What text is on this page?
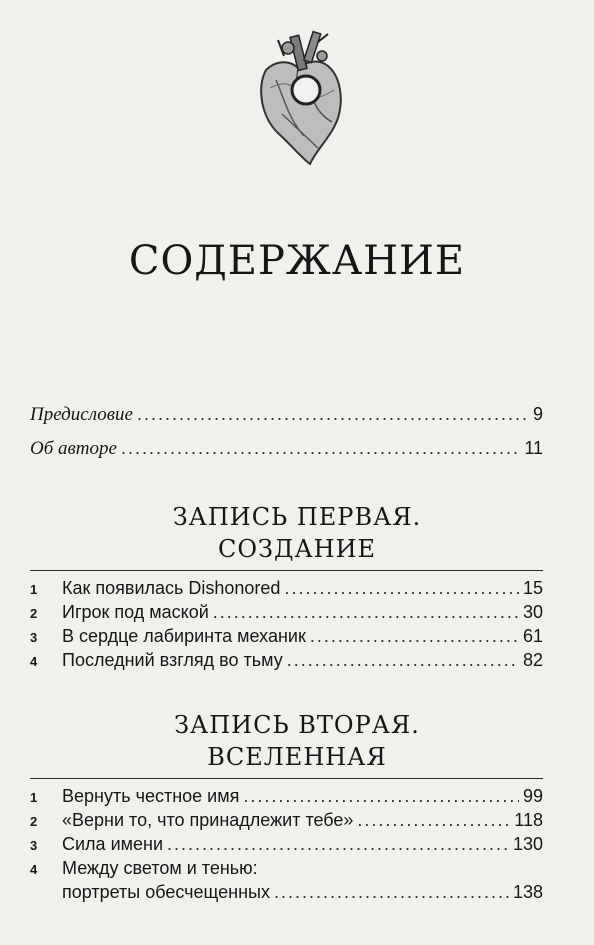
СОДЕРЖАНИЕ
Предисловие .....	9
Об авторе .....	11
ЗАПИСЬ ПЕРВАЯ.
СОЗДАНИЕ
1	Как появилась Dishonored .....	15
2	Игрок под маской .....	30
3	В сердце лабиринта механик .....	61
4	Последний взгляд во тьму .....	82
ЗАПИСЬ ВТОРАЯ.
ВСЕЛЕННАЯ
1	Вернуть честное имя .....	99
2	«Верни то, что принадлежит тебе» .....	118
3	Сила имени .....	130
4	Между светом и тенью:
портреты обесчещенных .....	138
